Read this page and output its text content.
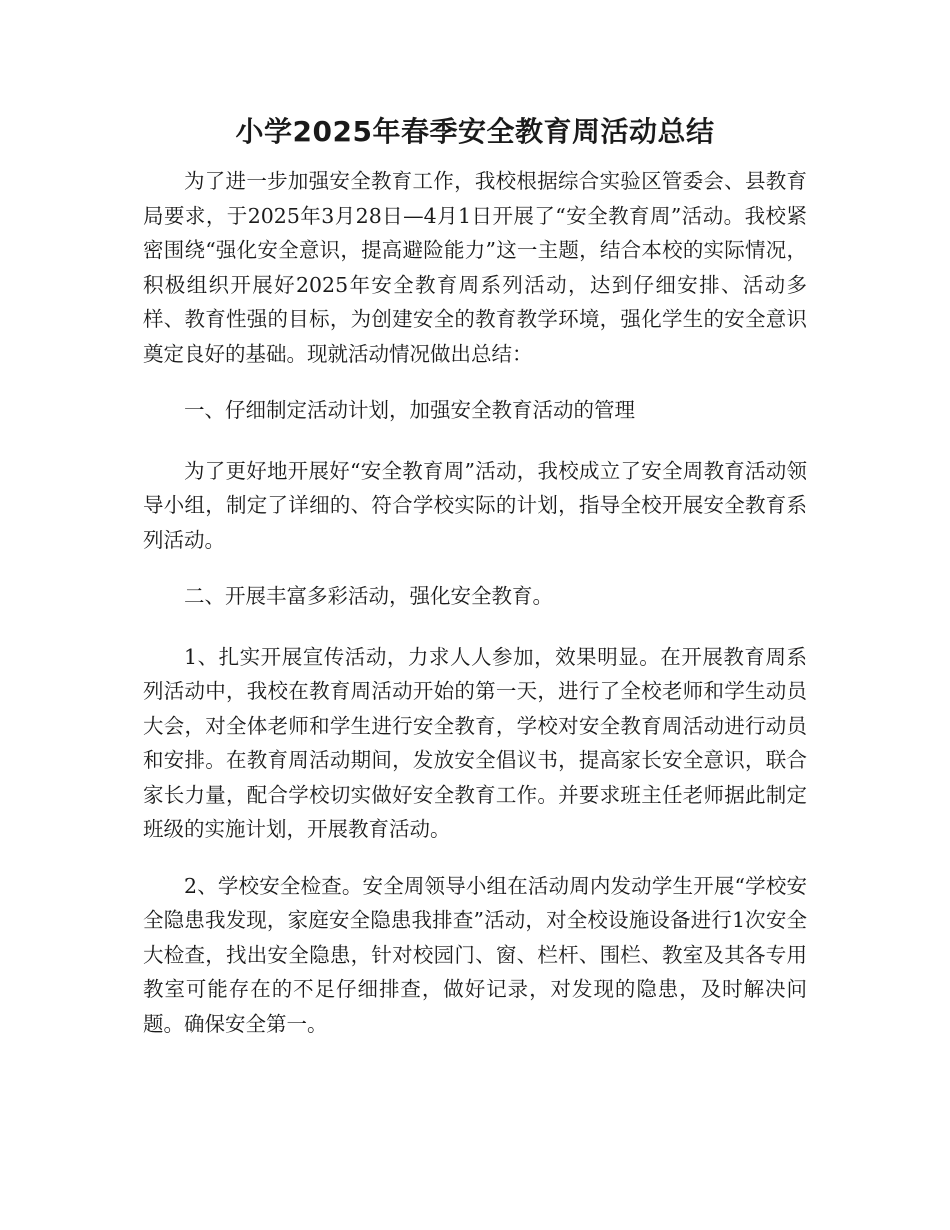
小学2025年春季安全教育周活动总结

为了进一步加强安全教育工作，我校根据综合实验区管委会、县教育局要求，于2025年3月28日—4月1日开展了“安全教育周”活动。我校紧密围绕“强化安全意识，提高避险能力”这一主题，结合本校的实际情况，积极组织开展好2025年安全教育周系列活动，达到仔细安排、活动多样、教育性强的目标，为创建安全的教育教学环境，强化学生的安全意识奠定良好的基础。现就活动情况做出总结：

一、仔细制定活动计划，加强安全教育活动的管理

为了更好地开展好“安全教育周”活动，我校成立了安全周教育活动领导小组，制定了详细的、符合学校实际的计划，指导全校开展安全教育系列活动。

二、开展丰富多彩活动，强化安全教育。

1、扎实开展宣传活动，力求人人参加，效果明显。在开展教育周系列活动中，我校在教育周活动开始的第一天，进行了全校老师和学生动员大会，对全体老师和学生进行安全教育，学校对安全教育周活动进行动员和安排。在教育周活动期间，发放安全倡议书，提高家长安全意识，联合家长力量，配合学校切实做好安全教育工作。并要求班主任老师据此制定班级的实施计划，开展教育活动。

2、学校安全检查。安全周领导小组在活动周内发动学生开展“学校安全隐患我发现，家庭安全隐患我排查”活动，对全校设施设备进行1次安全大检查，找出安全隐患，针对校园门、窗、栏杆、围栏、教室及其各专用教室可能存在的不足仔细排查，做好记录，对发现的隐患，及时解决问题。确保安全第一。
